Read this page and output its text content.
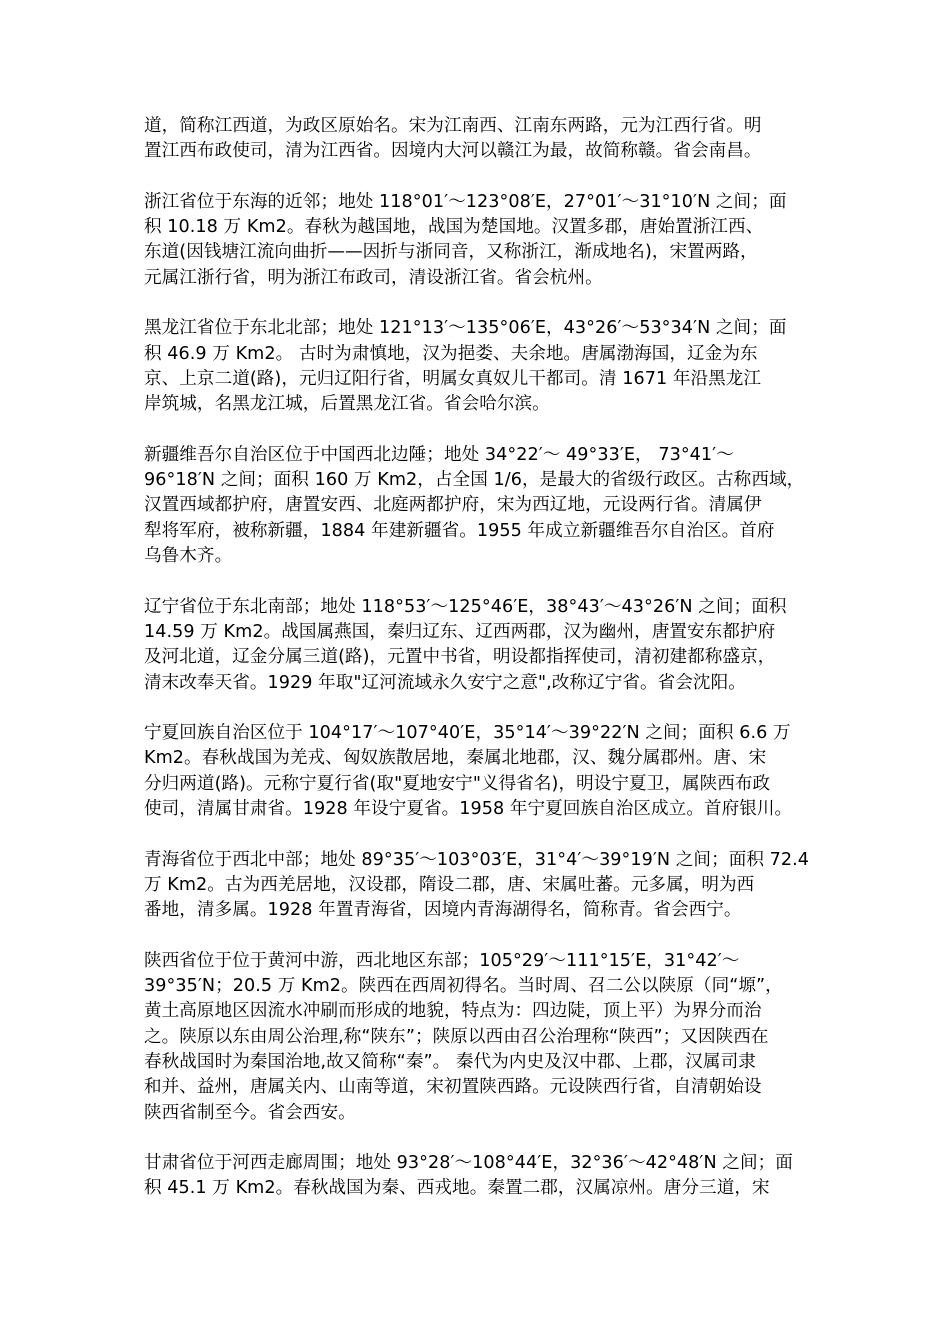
道，简称江西道，为政区原始名。宋为江南西、江南东两路，元为江西行省。明
置江西布政使司，清为江西省。因境内大河以赣江为最，故简称赣。省会南昌。
浙江省位于东海的近邻；地处 118°01′～123°08′E，27°01′～31°10′N 之间；面
积 10.18 万 Km2。春秋为越国地，战国为楚国地。汉置多郡，唐始置浙江西、
东道(因钱塘江流向曲折——因折与浙同音，又称浙江，渐成地名)，宋置两路，
元属江浙行省，明为浙江布政司，清设浙江省。省会杭州。
黑龙江省位于东北北部；地处 121°13′～135°06′E，43°26′～53°34′N 之间；面
积 46.9 万 Km2。 古时为肃慎地，汉为挹娄、夫余地。唐属渤海国，辽金为东
京、上京二道(路)，元归辽阳行省，明属女真奴儿干都司。清 1671 年沿黑龙江
岸筑城，名黑龙江城，后置黑龙江省。省会哈尔滨。
新疆维吾尔自治区位于中国西北边陲；地处 34°22′～ 49°33′E， 73°41′～
96°18′N 之间；面积 160 万 Km2，占全国 1/6，是最大的省级行政区。古称西域，
汉置西域都护府，唐置安西、北庭两都护府，宋为西辽地，元设两行省。清属伊
犁将军府，被称新疆，1884 年建新疆省。1955 年成立新疆维吾尔自治区。首府
乌鲁木齐。
辽宁省位于东北南部；地处 118°53′～125°46′E，38°43′～43°26′N 之间；面积
14.59 万 Km2。战国属燕国，秦归辽东、辽西两郡，汉为幽州，唐置安东都护府
及河北道，辽金分属三道(路)，元置中书省，明设都指挥使司，清初建都称盛京，
清末改奉天省。1929 年取"辽河流域永久安宁之意",改称辽宁省。省会沈阳。
宁夏回族自治区位于 104°17′～107°40′E，35°14′～39°22′N 之间；面积 6.6 万
Km2。春秋战国为羌戎、匈奴族散居地，秦属北地郡，汉、魏分属郡州。唐、宋
分归两道(路)。元称宁夏行省(取"夏地安宁"义得省名)，明设宁夏卫，属陕西布政
使司，清属甘肃省。1928 年设宁夏省。1958 年宁夏回族自治区成立。首府银川。
青海省位于西北中部；地处 89°35′～103°03′E，31°4′～39°19′N 之间；面积 72.4
万 Km2。古为西羌居地，汉设郡，隋设二郡，唐、宋属吐蕃。元多属，明为西
番地，清多属。1928 年置青海省，因境内青海湖得名，简称青。省会西宁。
陕西省位于位于黄河中游，西北地区东部；105°29′～111°15′E，31°42′～
39°35′N；20.5 万 Km2。陕西在西周初得名。当时周、召二公以陕原（同“塬”，
黄土高原地区因流水冲刷而形成的地貌，特点为：四边陡，顶上平）为界分而治
之。陕原以东由周公治理,称“陕东”；陕原以西由召公治理称“陕西”；又因陕西在
春秋战国时为秦国治地,故又简称“秦”。 秦代为内史及汉中郡、上郡，汉属司隶
和并、益州，唐属关内、山南等道，宋初置陕西路。元设陕西行省，自清朝始设
陕西省制至今。省会西安。
甘肃省位于河西走廊周围；地处 93°28′～108°44′E，32°36′～42°48′N 之间；面
积 45.1 万 Km2。春秋战国为秦、西戎地。秦置二郡，汉属凉州。唐分三道，宋
